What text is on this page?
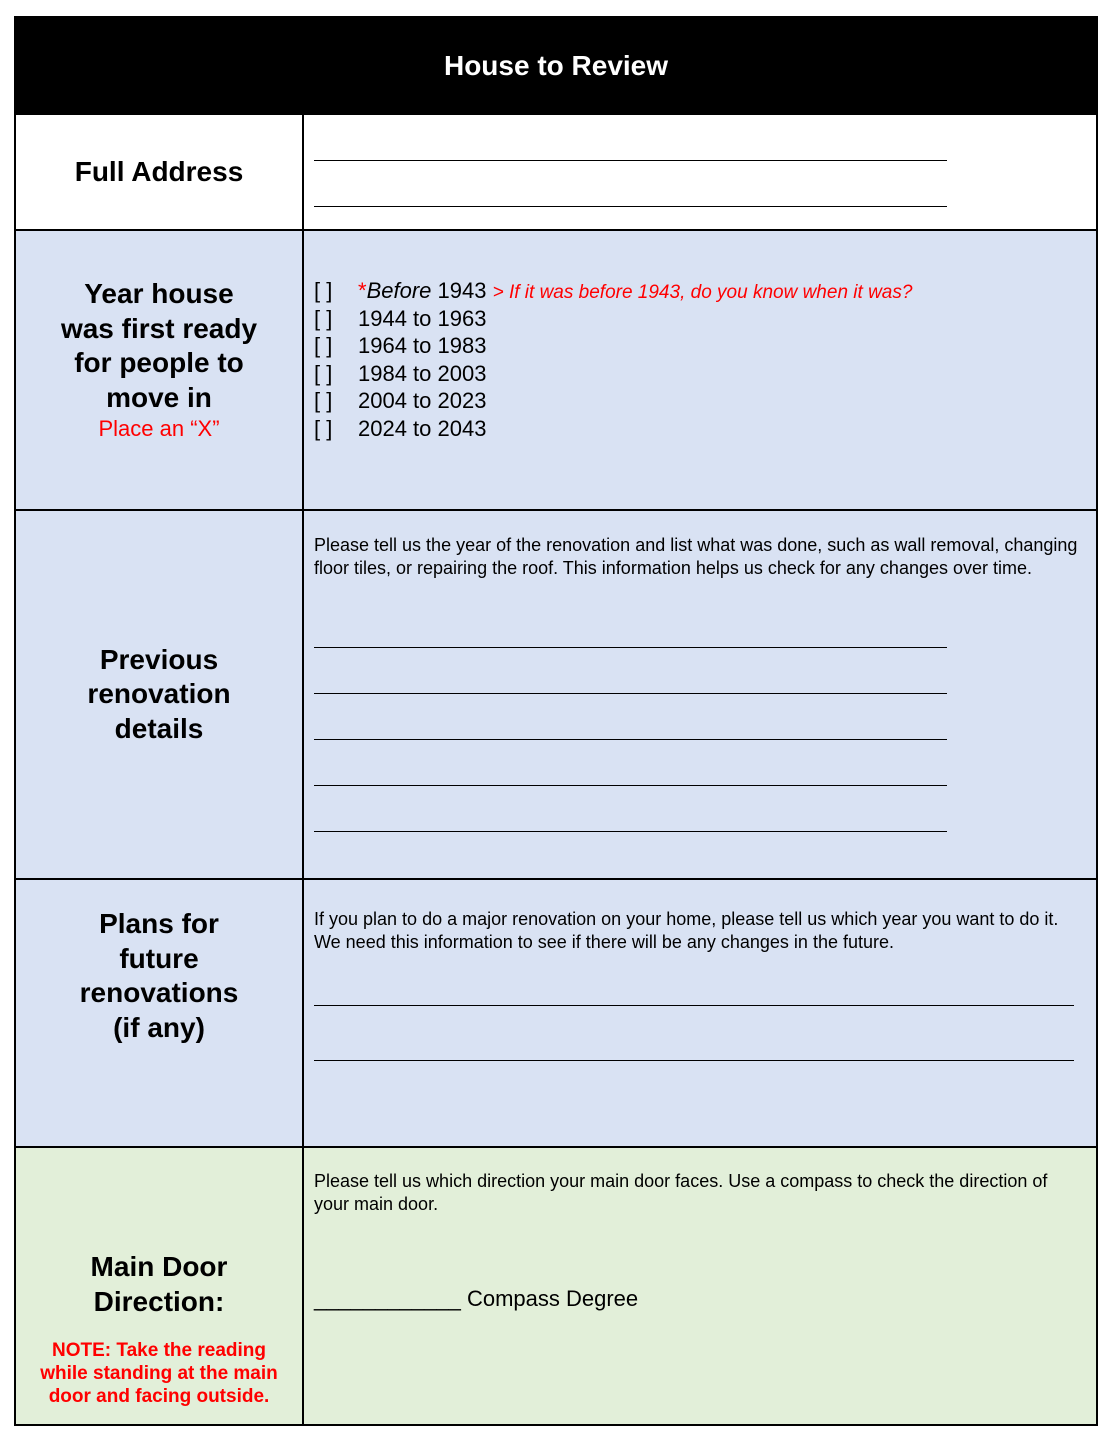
House to Review
Full Address
Year house
was first ready
for people to
move in
Place an “X”
[ ] *Before 1943 > If it was before 1943, do you know when it was?
[ ] 1944 to 1963
[ ] 1964 to 1983
[ ] 1984 to 2003
[ ] 2004 to 2023
[ ] 2024 to 2043
Previous
renovation
details
Please tell us the year of the renovation and list what was done, such as wall removal, changing floor tiles, or repairing the roof. This information helps us check for any changes over time.
Plans for
future
renovations
(if any)
If you plan to do a major renovation on your home, please tell us which year you want to do it. We need this information to see if there will be any changes in the future.
Main Door
Direction:
NOTE: Take the reading while standing at the main door and facing outside.
Please tell us which direction your main door faces. Use a compass to check the direction of your main door.
____________ Compass Degree
